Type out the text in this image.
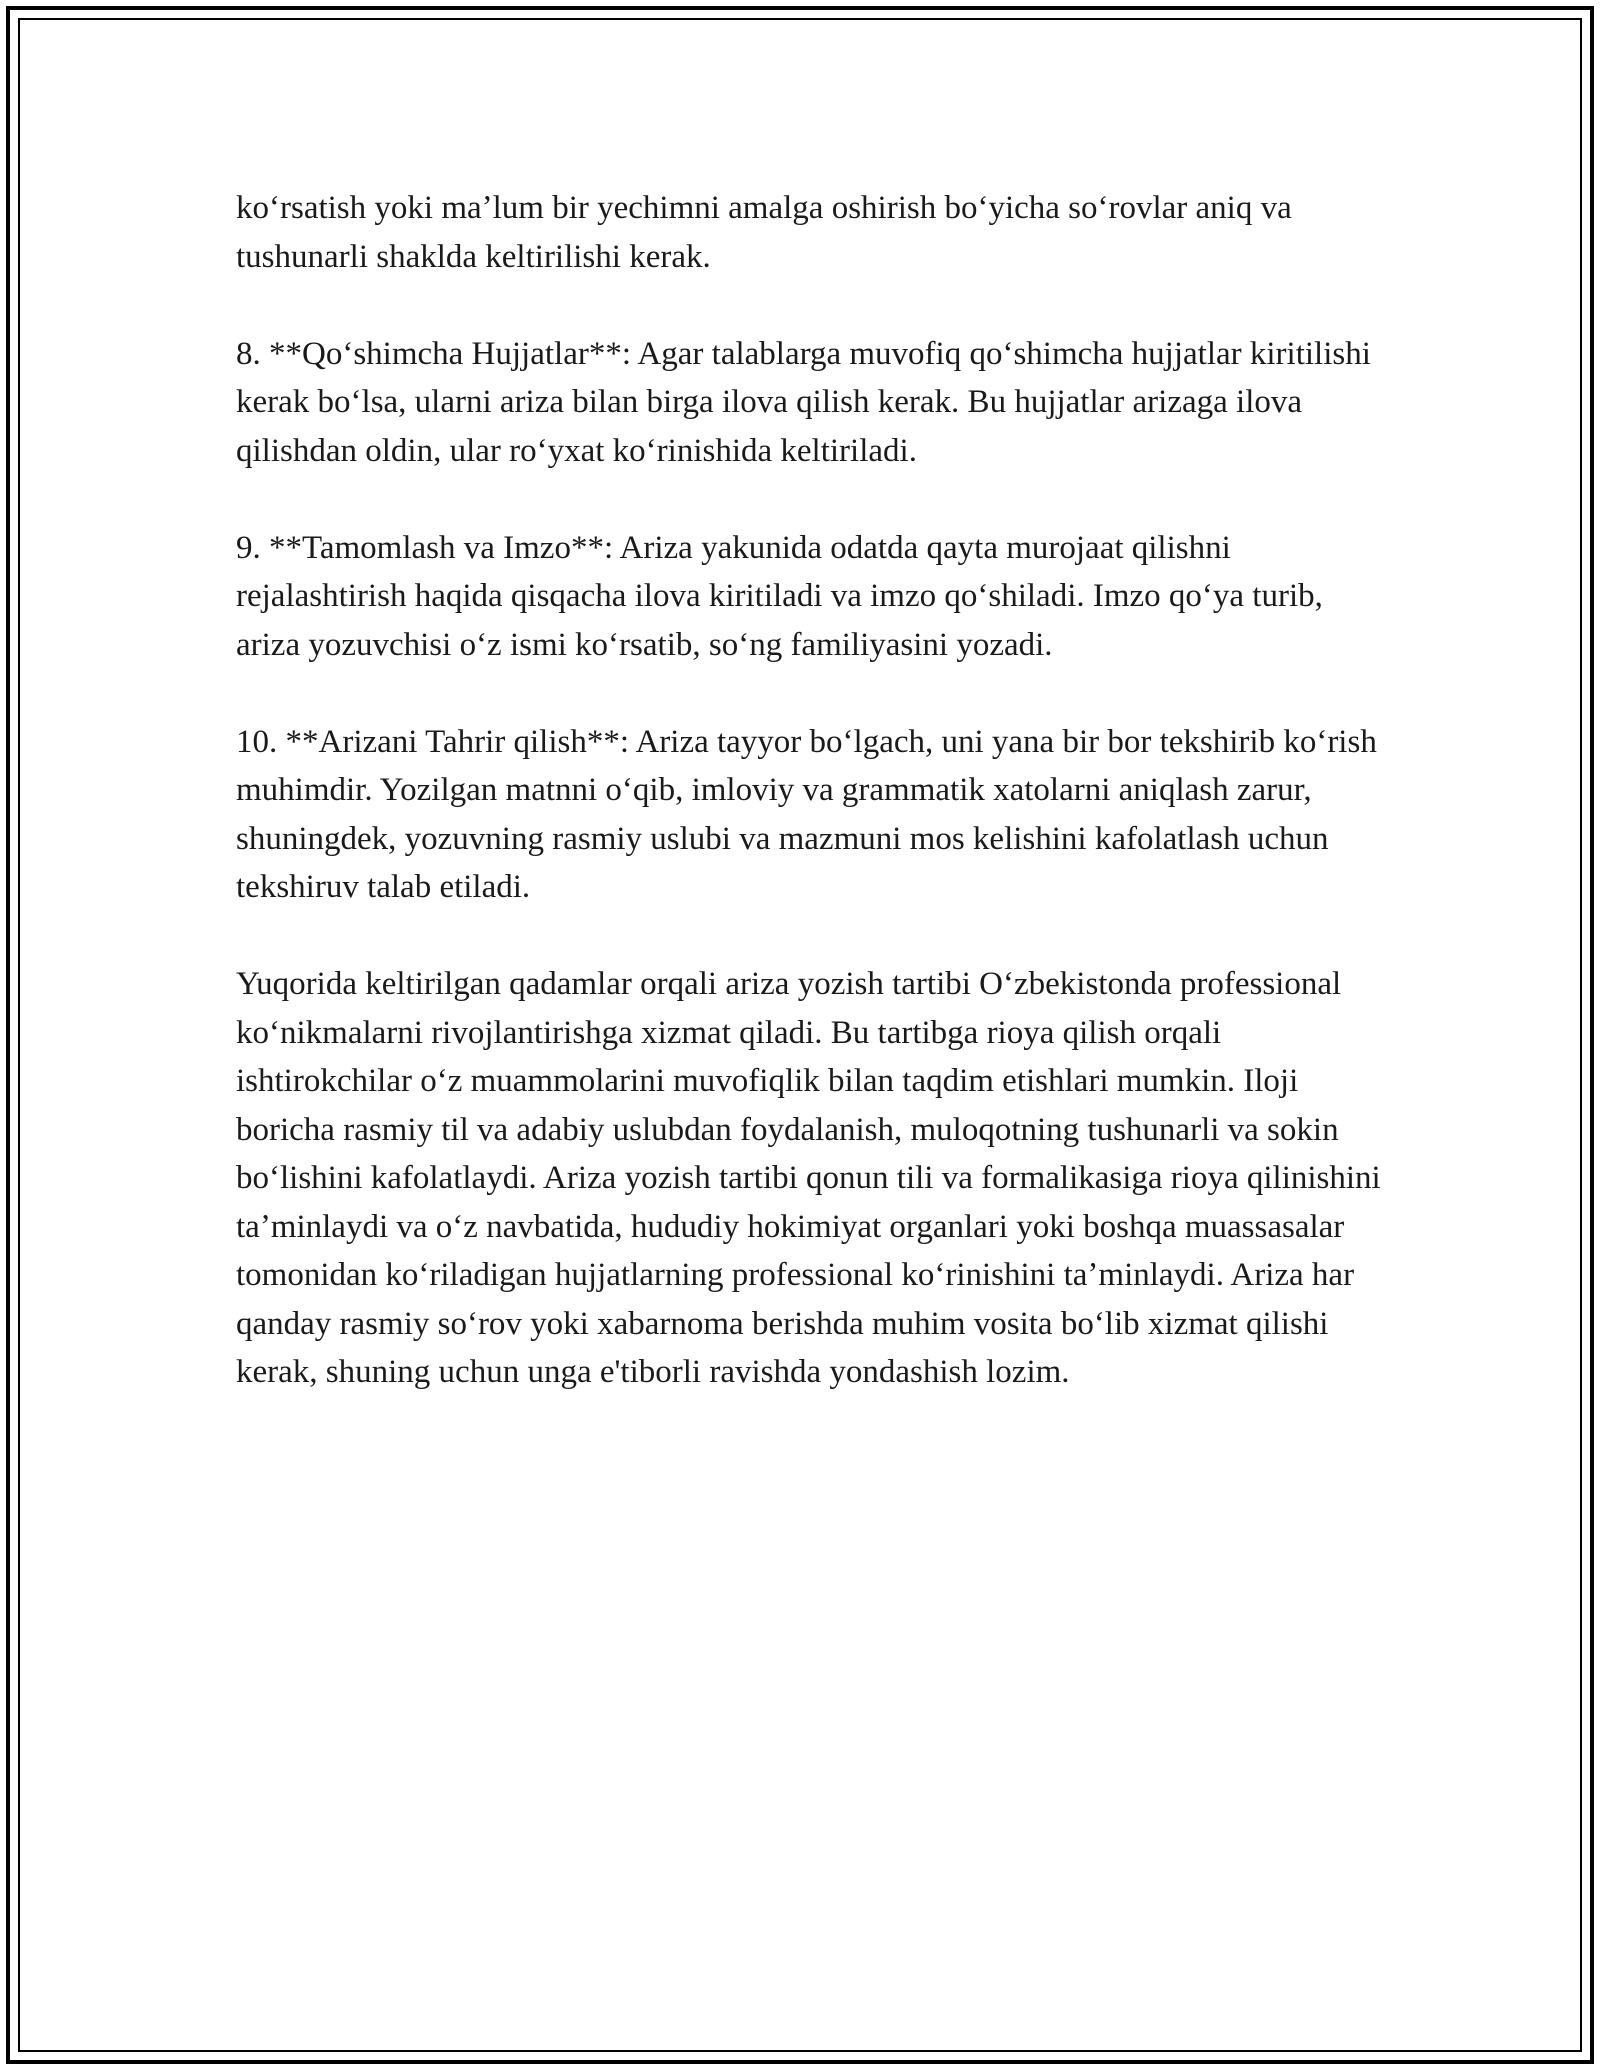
koʻrsatish yoki maʼlum bir yechimni amalga oshirish boʻyicha soʻrovlar aniq va tushunarli shaklda keltirilishi kerak.

8. **Qoʻshimcha Hujjatlar**: Agar talablarga muvofiq qoʻshimcha hujjatlar kiritilishi kerak boʻlsa, ularni ariza bilan birga ilova qilish kerak. Bu hujjatlar arizaga ilova qilishdan oldin, ular roʻyxat koʻrinishida keltiriladi.

9. **Tamomlash va Imzo**: Ariza yakunida odatda qayta murojaat qilishni rejalashtirish haqida qisqacha ilova kiritiladi va imzo qoʻshiladi. Imzo qoʻya turib, ariza yozuvchisi oʻz ismi koʻrsatib, soʻng familiyasini yozadi.

10. **Arizani Tahrir qilish**: Ariza tayyor boʻlgach, uni yana bir bor tekshirib koʻrish muhimdir. Yozilgan matnni oʻqib, imloviy va grammatik xatolarni aniqlash zarur, shuningdek, yozuvning rasmiy uslubi va mazmuni mos kelishini kafolatlash uchun tekshiruv talab etiladi.

Yuqorida keltirilgan qadamlar orqali ariza yozish tartibi Oʻzbekistonda professional koʻnikmalarni rivojlantirishga xizmat qiladi. Bu tartibga rioya qilish orqali ishtirokchilar oʻz muammolarini muvofiqlik bilan taqdim etishlari mumkin. Iloji boricha rasmiy til va adabiy uslubdan foydalanish, muloqotning tushunarli va sokin boʻlishini kafolatlaydi. Ariza yozish tartibi qonun tili va formalikasiga rioya qilinishini taʼminlaydi va oʻz navbatida, hududiy hokimiyat organlari yoki boshqa muassasalar tomonidan koʻriladigan hujjatlarning professional koʻrinishini taʼminlaydi. Ariza har qanday rasmiy soʻrov yoki xabarnoma berishda muhim vosita boʻlib xizmat qilishi kerak, shuning uchun unga e'tiborli ravishda yondashish lozim.
